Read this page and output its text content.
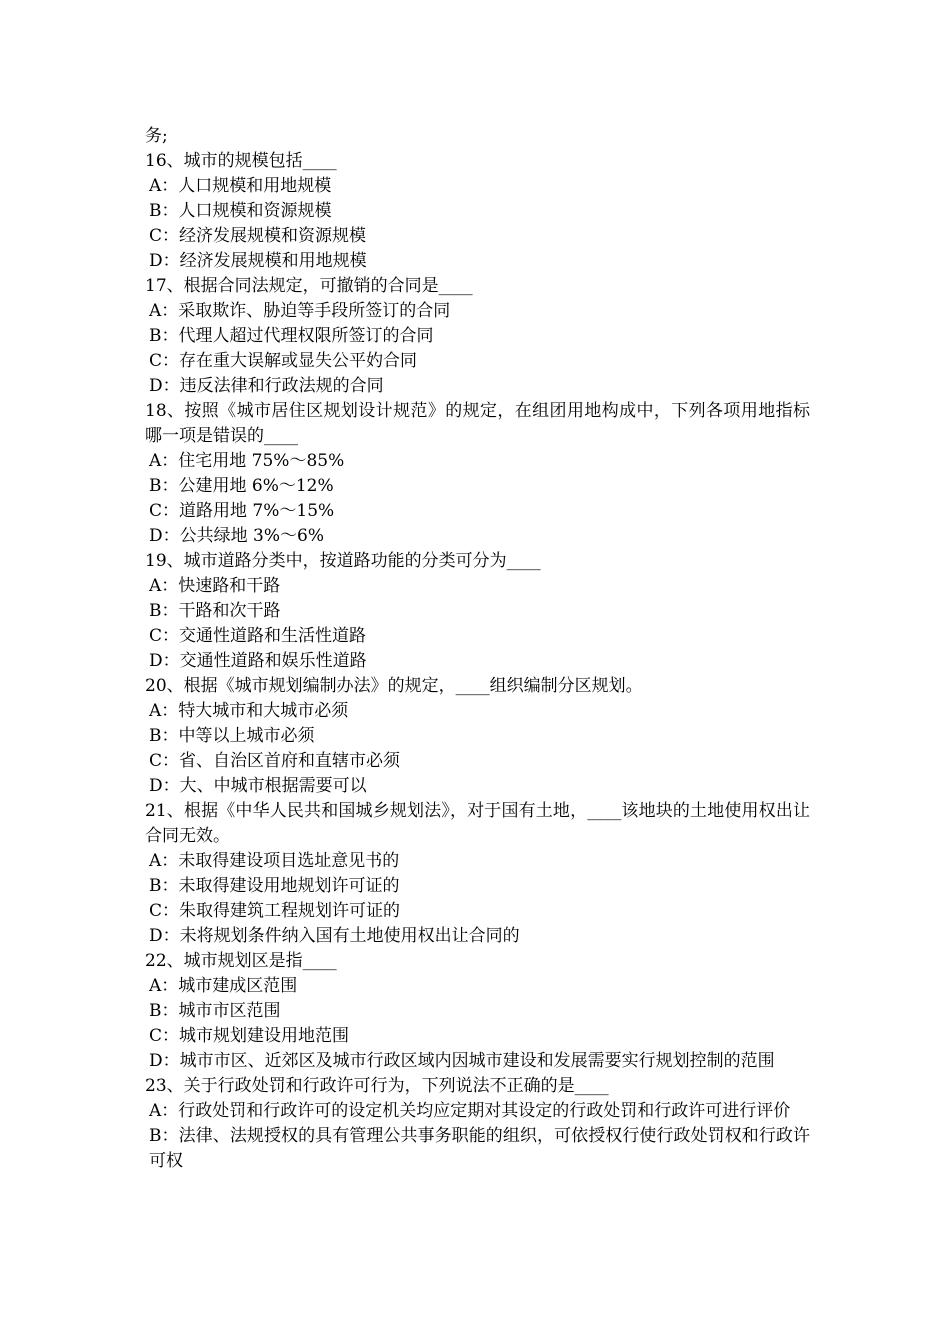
务;

16、城市的规模包括____

A：人口规模和用地规模

B：人口规模和资源规模

C：经济发展规模和资源规模

D：经济发展规模和用地规模

17、根据合同法规定，可撤销的合同是____

A：采取欺诈、胁迫等手段所签订的合同

B：代理人超过代理权限所签订的合同

C：存在重大误解或显失公平妁合同

D：违反法律和行政法规的合同

18、按照《城市居住区规划设计规范》的规定，在组团用地构成中，下列各项用地指标哪一项是错误的____

A：住宅用地 75%～85%

B：公建用地 6%～12%

C：道路用地 7%～15%

D：公共绿地 3%～6%

19、城市道路分类中，按道路功能的分类可分为____

A：快速路和干路

B：干路和次干路

C：交通性道路和生活性道路

D：交通性道路和娱乐性道路

20、根据《城市规划编制办法》的规定，____组织编制分区规划。

A：特大城市和大城市必须

B：中等以上城市必须

C：省、自治区首府和直辖市必须

D：大、中城市根据需要可以

21、根据《中华人民共和国城乡规划法》，对于国有土地，____该地块的土地使用权出让合同无效。

A：未取得建设项目选址意见书的

B：未取得建设用地规划许可证的

C：朱取得建筑工程规划许可证的

D：未将规划条件纳入国有土地使用权出让合同的

22、城市规划区是指____

A：城市建成区范围

B：城市市区范围

C：城市规划建设用地范围

D：城市市区、近郊区及城市行政区域内因城市建设和发展需要实行规划控制的范围

23、关于行政处罚和行政许可行为，下列说法不正确的是____

A：行政处罚和行政许可的设定机关均应定期对其设定的行政处罚和行政许可进行评价

B：法律、法规授权的具有管理公共事务职能的组织，可依授权行使行政处罚权和行政许可权
